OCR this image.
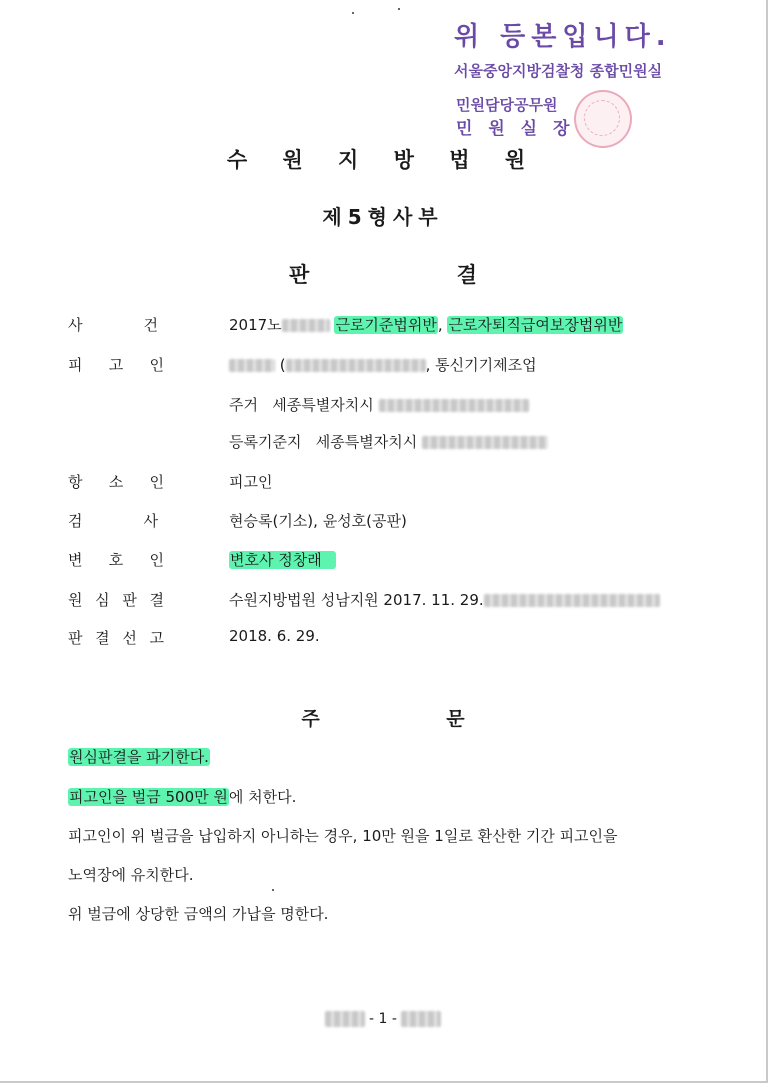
위 등본입니다.
서울중앙지방검찰청 종합민원실
민원담당공무원
민 원 실 장
수 원 지 방 법 원
제5형사부
판 결
사	건	2017노	근로기준법위반, 근로자퇴직급여보장법위반
피 고 인	(	, 통신기기제조업
주거 세종특별자치시
등록기준지 세종특별자치시
항 소 인	피고인
검	사	현승록(기소), 윤성호(공판)
변 호 인	변호사 정창래
원 심 판 결	수원지방법원 성남지원 2017. 11. 29.
판 결 선 고	2018. 6. 29.
주 문
원심판결을 파기한다.
피고인을 벌금 500만 원에 처한다.
피고인이 위 벌금을 납입하지 아니하는 경우, 10만 원을 1일로 환산한 기간 피고인을
노역장에 유치한다.
위 벌금에 상당한 금액의 가납을 명한다.
- 1 -
